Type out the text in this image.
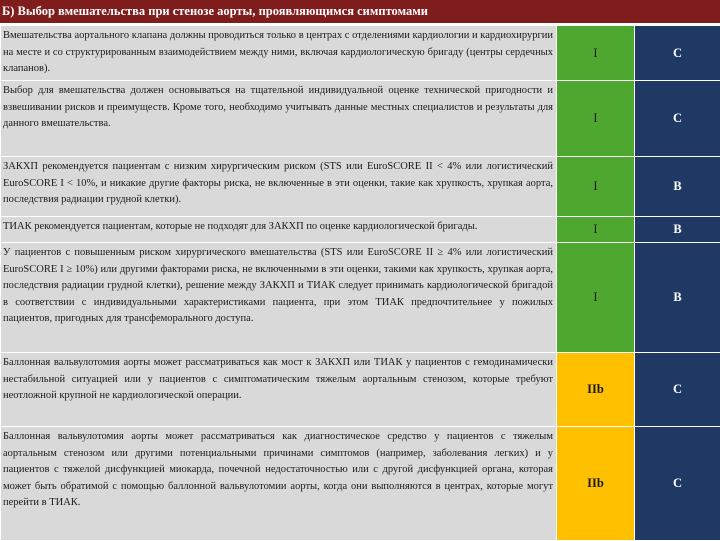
Б) Выбор вмешательства при стенозе аорты, проявляющимся симптомами
Вмешательства аортального клапана должны проводиться только в центрах с отделениями кардиологии и кардиохирургии на месте и со структурированным взаимодействием между ними, включая кардиологическую бригаду (центры сердечных клапанов).	I	C
Выбор для вмешательства должен основываться на тщательной индивидуальной оценке технической пригодности и взвешивании рисков и преимуществ. Кроме того, необходимо учитывать данные местных специалистов и результаты для данного вмешательства.	I	C
ЗАКХП рекомендуется пациентам с низким хирургическим риском (STS или EuroSCORE II < 4% или логистический EuroSCORE I < 10%, и никакие другие факторы риска, не включенные в эти оценки, такие как хрупкость, хрупкая аорта, последствия радиации грудной клетки).	I	B
ТИАК рекомендуется пациентам, которые не подходят для ЗАКХП по оценке кардиологической бригады.	I	B
У пациентов с повышенным риском хирургического вмешательства (STS или EuroSCORE II ≥ 4% или логистический EuroSCORE I ≥ 10%) или другими факторами риска, не включенными в эти оценки, такими как хрупкость, хрупкая аорта, последствия радиации грудной клетки), решение между ЗАКХП и ТИАК следует принимать кардиологической бригадой в соответствии с индивидуальными характеристиками пациента, при этом ТИАК предпочтительнее у пожилых пациентов, пригодных для трансфеморального доступа.	I	B
Баллонная вальвулотомия аорты может рассматриваться как мост к ЗАКХП или ТИАК у пациентов с гемодинамически нестабильной ситуацией или у пациентов с симптоматическим тяжелым аортальным стенозом, которые требуют неотложной крупной не кардиологической операции.	IIb	C
Баллонная вальвулотомия аорты может рассматриваться как диагностическое средство у пациентов с тяжелым аортальным стенозом или другими потенциальными причинами симптомов (например, заболевания легких) и у пациентов с тяжелой дисфункцией миокарда, почечной недостаточностью или с другой дисфункцией органа, которая может быть обратимой с помощью баллонной вальвулотомии аорты, когда они выполняются в центрах, которые могут перейти в ТИАК.	IIb	C
